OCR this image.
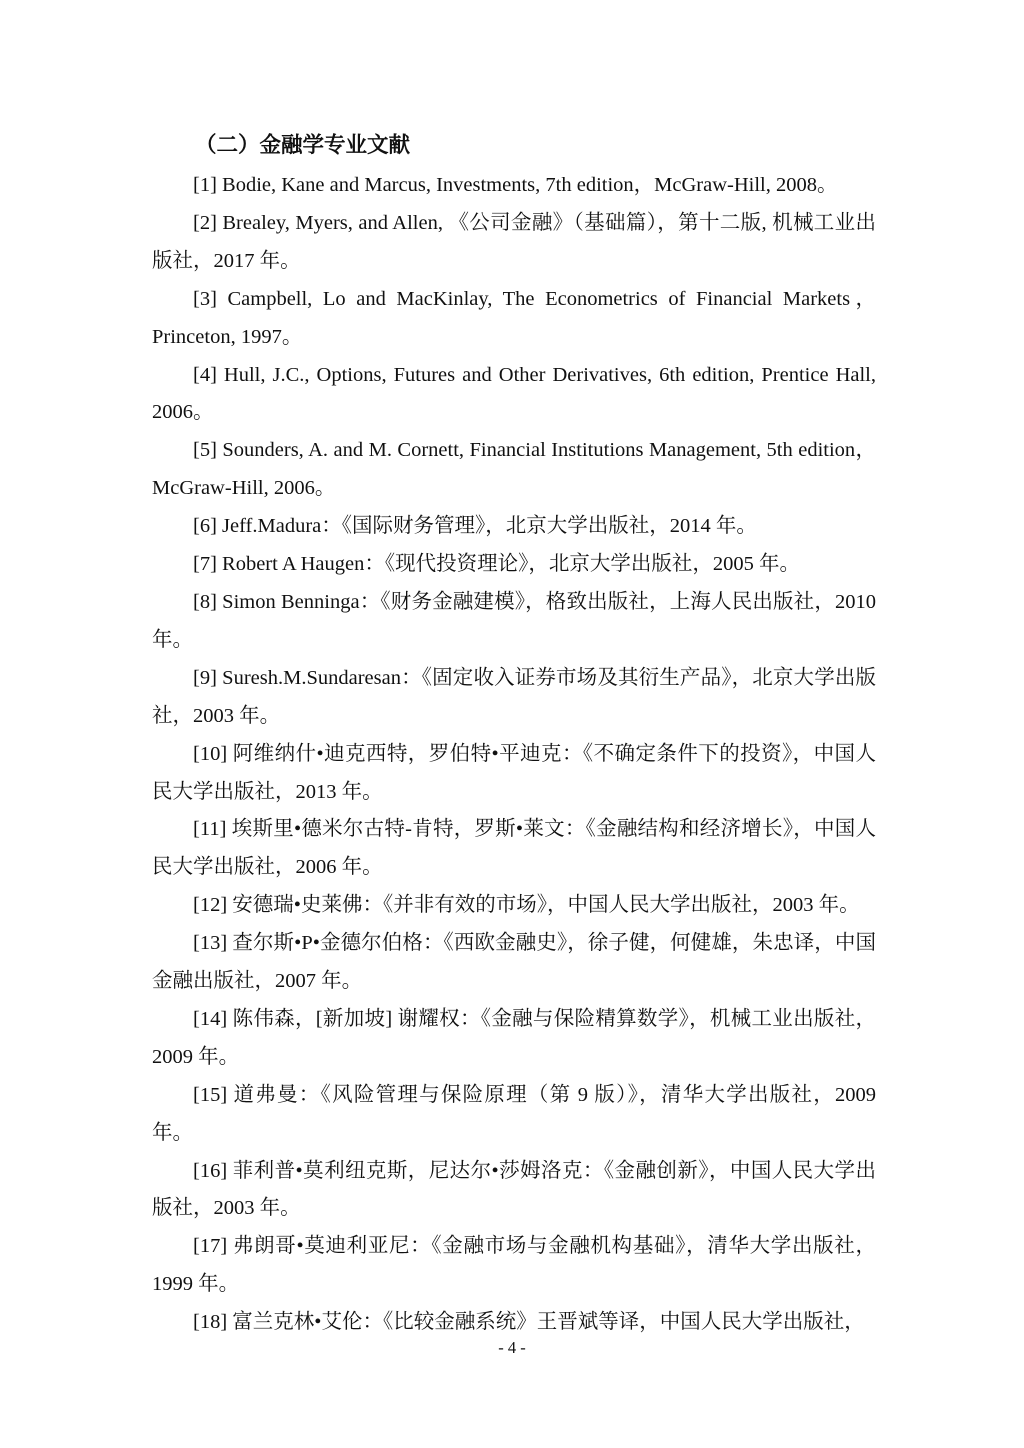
（二）金融学专业文献

[1] Bodie, Kane and Marcus, Investments, 7th edition，McGraw-Hill, 2008。

[2] Brealey, Myers, and Allen, 《公司金融》（基础篇），第十二版, 机械工业出版社，2017 年。

[3] Campbell, Lo and MacKinlay, The Econometrics of Financial Markets，Princeton, 1997。

[4] Hull, J.C., Options, Futures and Other Derivatives, 6th edition, Prentice Hall, 2006。

[5] Sounders, A. and M. Cornett, Financial Institutions Management, 5th edition，McGraw-Hill, 2006。

[6] Jeff.Madura：《国际财务管理》，北京大学出版社，2014 年。

[7] Robert A Haugen：《现代投资理论》，北京大学出版社，2005 年。

[8] Simon Benninga：《财务金融建模》，格致出版社，上海人民出版社，2010 年。

[9] Suresh.M.Sundaresan：《固定收入证券市场及其衍生产品》，北京大学出版社，2003 年。

[10] 阿维纳什•迪克西特，罗伯特•平迪克：《不确定条件下的投资》，中国人民大学出版社，2013 年。

[11] 埃斯里•德米尔古特-肯特，罗斯•莱文：《金融结构和经济增长》，中国人民大学出版社，2006 年。

[12] 安德瑞•史莱佛：《并非有效的市场》，中国人民大学出版社，2003 年。

[13] 查尔斯•P•金德尔伯格：《西欧金融史》，徐子健，何健雄，朱忠译，中国金融出版社，2007 年。

[14] 陈伟森，[新加坡] 谢耀权：《金融与保险精算数学》，机械工业出版社，2009 年。

[15] 道弗曼：《风险管理与保险原理（第 9 版）》，清华大学出版社，2009 年。

[16] 菲利普•莫利纽克斯，尼达尔•莎姆洛克：《金融创新》，中国人民大学出版社，2003 年。

[17] 弗朗哥•莫迪利亚尼：《金融市场与金融机构基础》，清华大学出版社，1999 年。

[18] 富兰克林•艾伦：《比较金融系统》王晋斌等译，中国人民大学出版社，

- 4 -
